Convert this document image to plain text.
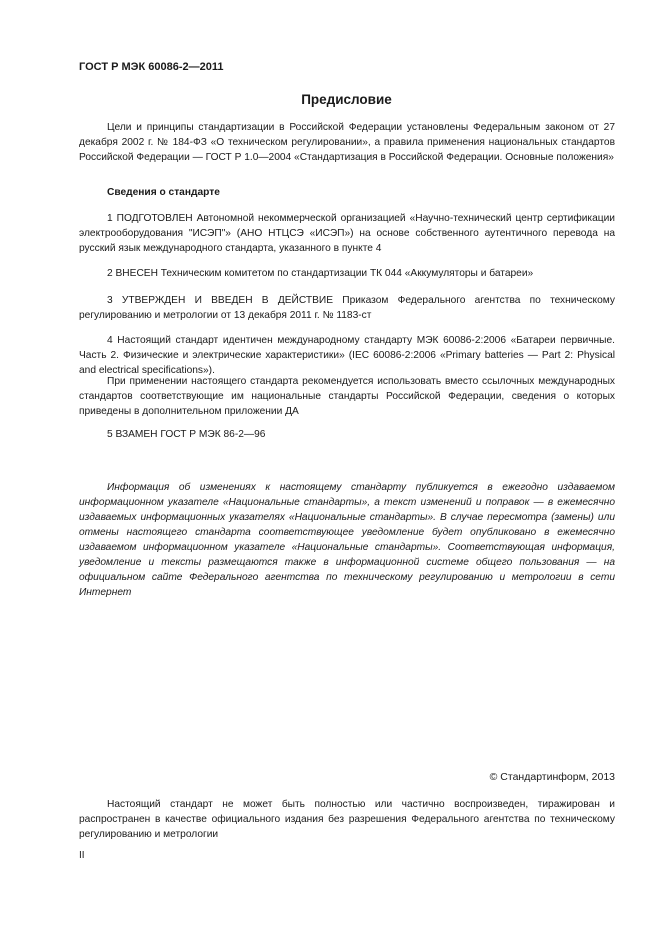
ГОСТ Р МЭК 60086-2—2011
Предисловие

Цели и принципы стандартизации в Российской Федерации установлены Федеральным законом от 27 декабря 2002 г. № 184-ФЗ «О техническом регулировании», а правила применения национальных стандартов Российской Федерации — ГОСТ Р 1.0—2004 «Стандартизация в Российской Федерации. Основные положения»

Сведения о стандарте

1 ПОДГОТОВЛЕН Автономной некоммерческой организацией «Научно-технический центр сертификации электрооборудования "ИСЭП"» (АНО НТЦСЭ «ИСЭП») на основе собственного аутентичного перевода на русский язык международного стандарта, указанного в пункте 4

2 ВНЕСЕН Техническим комитетом по стандартизации ТК 044 «Аккумуляторы и батареи»

3 УТВЕРЖДЕН И ВВЕДЕН В ДЕЙСТВИЕ Приказом Федерального агентства по техническому регулированию и метрологии от 13 декабря 2011 г. № 1183-ст

4 Настоящий стандарт идентичен международному стандарту МЭК 60086-2:2006 «Батареи первичные. Часть 2. Физические и электрические характеристики» (IEC 60086-2:2006 «Primary batteries — Part 2: Physical and electrical specifications»).

При применении настоящего стандарта рекомендуется использовать вместо ссылочных международных стандартов соответствующие им национальные стандарты Российской Федерации, сведения о которых приведены в дополнительном приложении ДА

5 ВЗАМЕН ГОСТ Р МЭК 86-2—96

Информация об изменениях к настоящему стандарту публикуется в ежегодно издаваемом информационном указателе «Национальные стандарты», а текст изменений и поправок — в ежемесячно издаваемых информационных указателях «Национальные стандарты». В случае пересмотра (замены) или отмены настоящего стандарта соответствующее уведомление будет опубликовано в ежемесячно издаваемом информационном указателе «Национальные стандарты». Соответствующая информация, уведомление и тексты размещаются также в информационной системе общего пользования — на официальном сайте Федерального агентства по техническому регулированию и метрологии в сети Интернет

© Стандартинформ, 2013

Настоящий стандарт не может быть полностью или частично воспроизведен, тиражирован и распространен в качестве официального издания без разрешения Федерального агентства по техническому регулированию и метрологии

II
